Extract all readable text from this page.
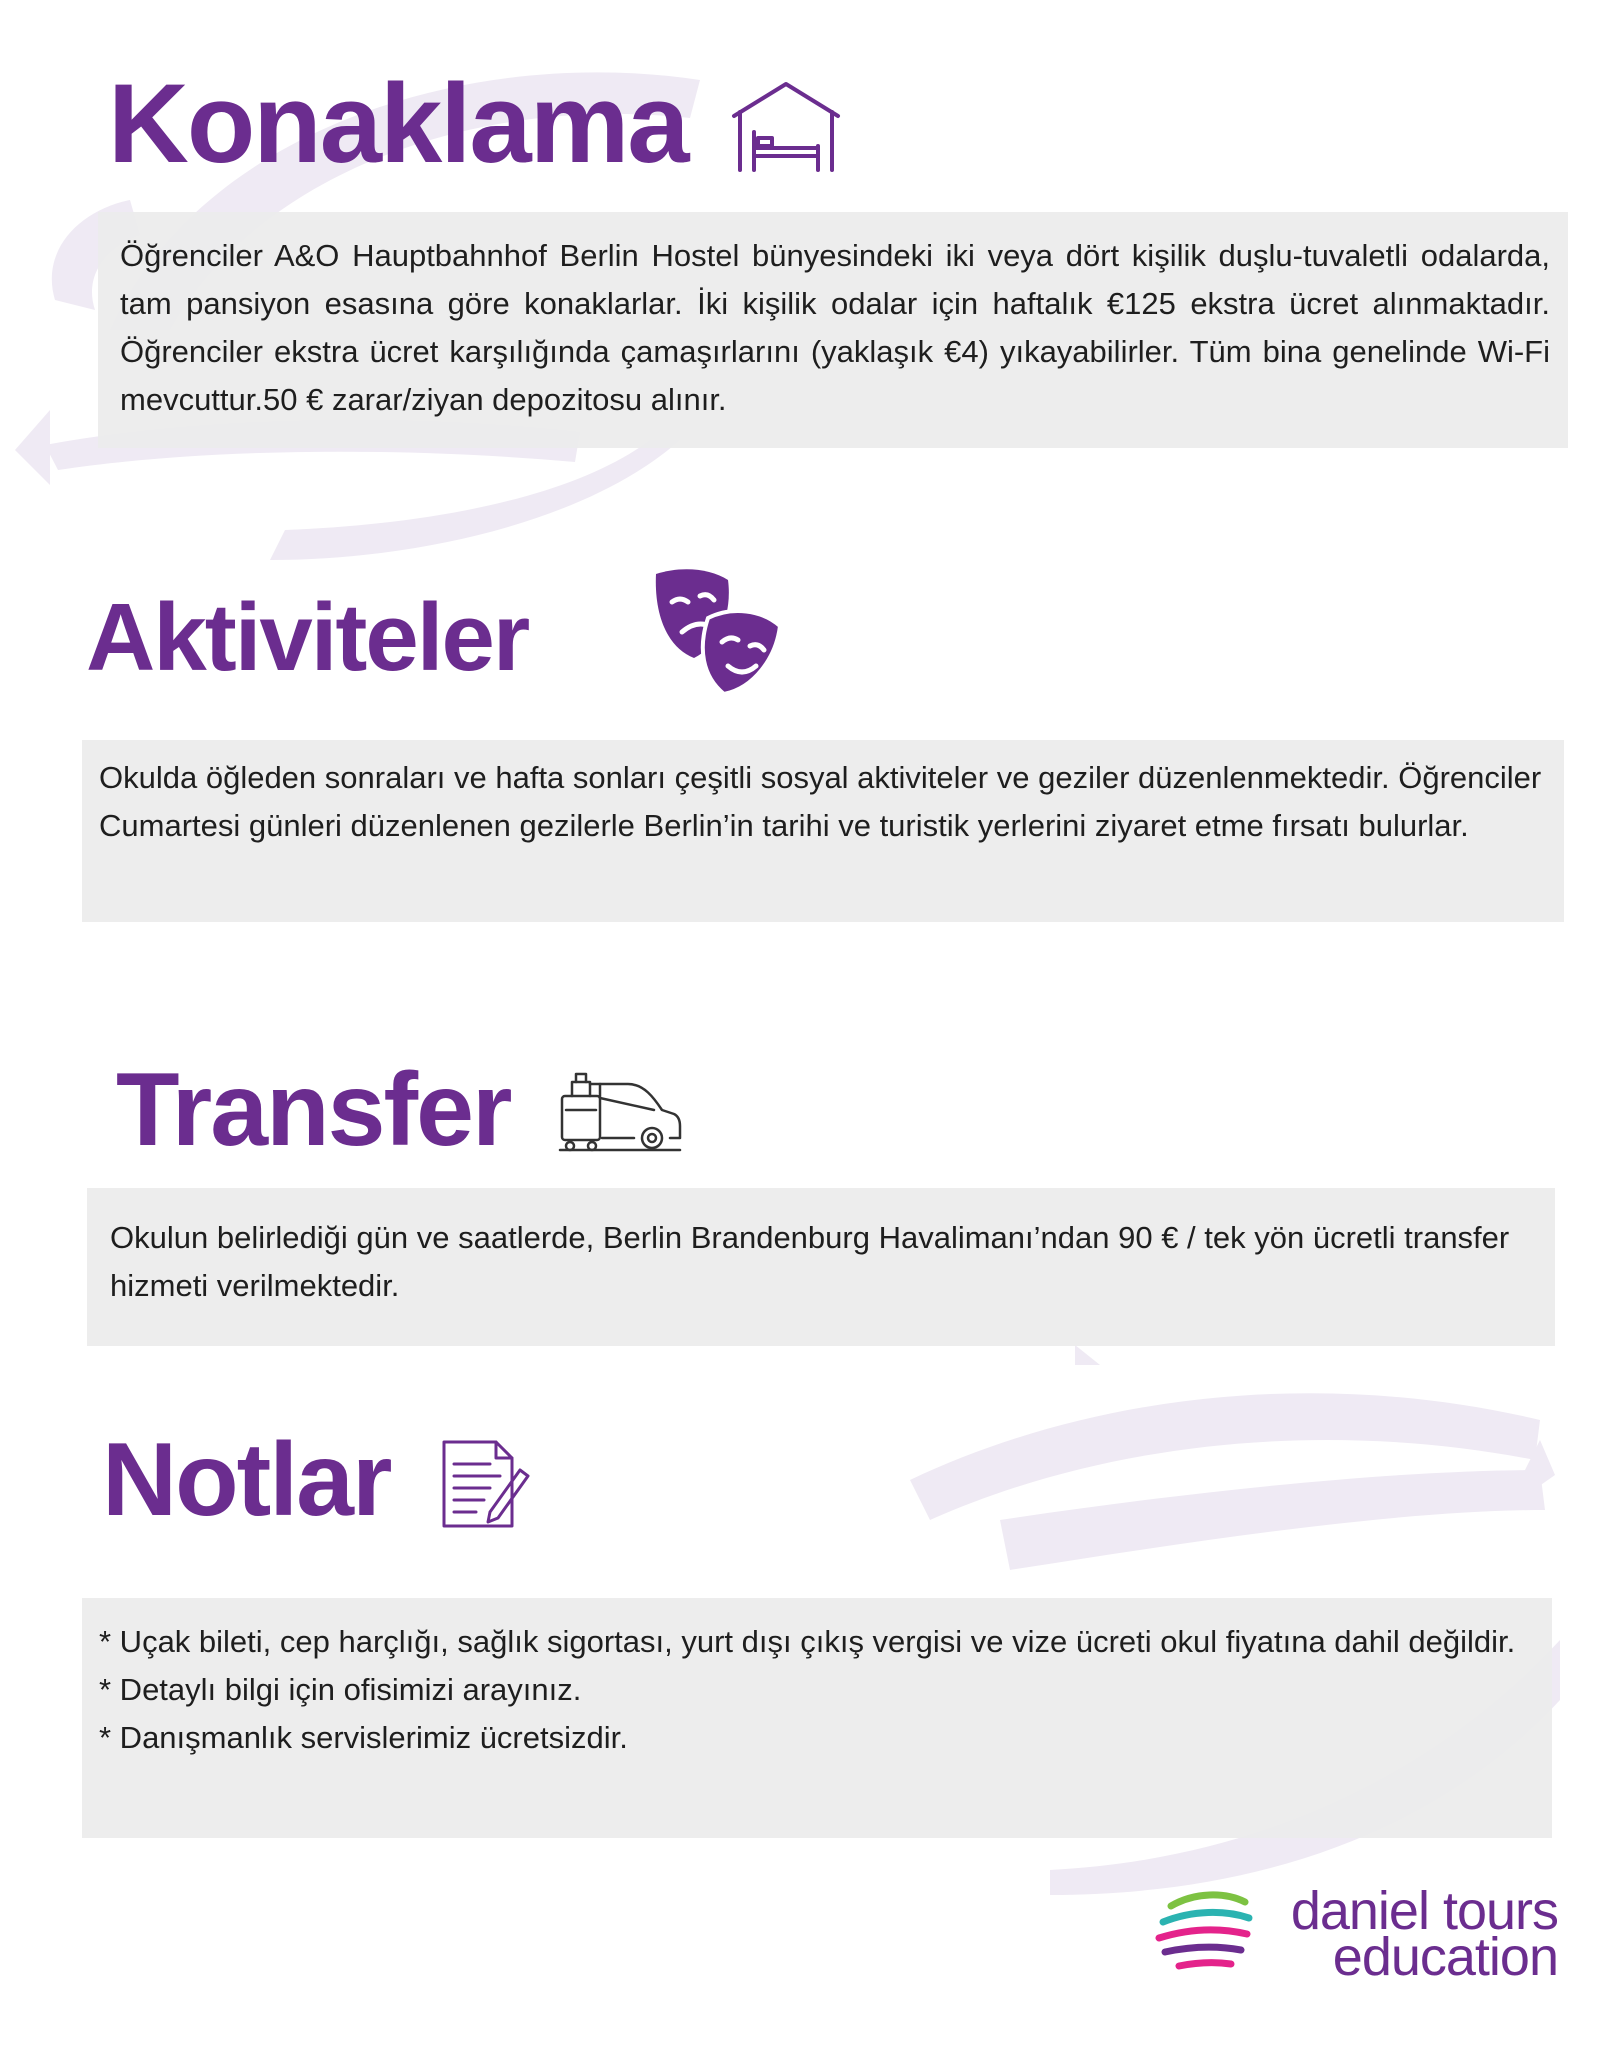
Konaklama

Öğrenciler A&O Hauptbahnhof Berlin Hostel bünyesindeki iki veya dört kişilik duşlu-tuvaletli odalarda, tam pansiyon esasına göre konaklarlar. İki kişilik odalar için haftalık €125 ekstra ücret alınmaktadır. Öğrenciler ekstra ücret karşılığında çamaşırlarını (yaklaşık €4) yıkayabilirler. Tüm bina genelinde Wi-Fi mevcuttur.50 € zarar/ziyan depozitosu alınır.

Aktiviteler

Okulda öğleden sonraları ve hafta sonları çeşitli sosyal aktiviteler ve geziler düzenlenmektedir. Öğrenciler Cumartesi günleri düzenlenen gezilerle Berlin’in tarihi ve turistik yerlerini ziyaret etme fırsatı bulurlar.

Transfer

Okulun belirlediği gün ve saatlerde, Berlin Brandenburg Havalimanı’ndan 90 € / tek yön ücretli transfer hizmeti verilmektedir.

Notlar

* Uçak bileti, cep harçlığı, sağlık sigortası, yurt dışı çıkış vergisi ve vize ücreti okul fiyatına dahil değildir.

* Detaylı bilgi için ofisimizi arayınız.

* Danışmanlık servislerimiz ücretsizdir.

daniel tours
education
